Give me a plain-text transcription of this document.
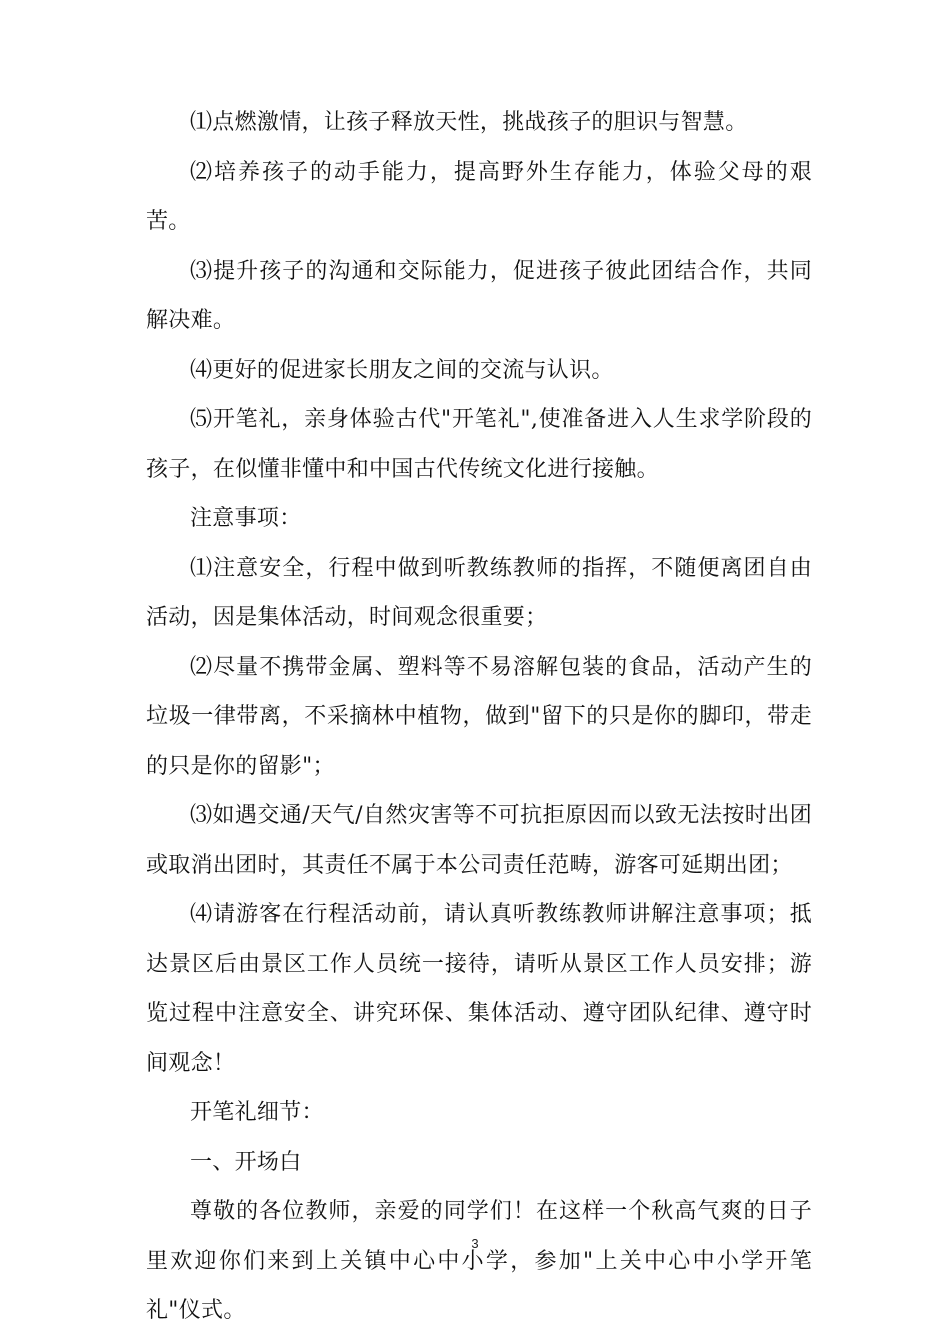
⑴点燃激情，让孩子释放天性，挑战孩子的胆识与智慧。

⑵培养孩子的动手能力，提高野外生存能力，体验父母的艰苦。

⑶提升孩子的沟通和交际能力，促进孩子彼此团结合作，共同解决难。

⑷更好的促进家长朋友之间的交流与认识。

⑸开笔礼，亲身体验古代"开笔礼",使准备进入人生求学阶段的孩子，在似懂非懂中和中国古代传统文化进行接触。

注意事项：

⑴注意安全，行程中做到听教练教师的指挥，不随便离团自由活动，因是集体活动，时间观念很重要；

⑵尽量不携带金属、塑料等不易溶解包装的食品，活动产生的垃圾一律带离，不采摘林中植物，做到"留下的只是你的脚印，带走的只是你的留影"；

⑶如遇交通/天气/自然灾害等不可抗拒原因而以致无法按时出团或取消出团时，其责任不属于本公司责任范畴，游客可延期出团；

⑷请游客在行程活动前，请认真听教练教师讲解注意事项；抵达景区后由景区工作人员统一接待，请听从景区工作人员安排；游览过程中注意安全、讲究环保、集体活动、遵守团队纪律、遵守时间观念！

开笔礼细节：

一、开场白

尊敬的各位教师，亲爱的同学们！在这样一个秋高气爽的日子里欢迎你们来到上关镇中心中小学，参加"上关中心中小学开笔礼"仪式。

3
